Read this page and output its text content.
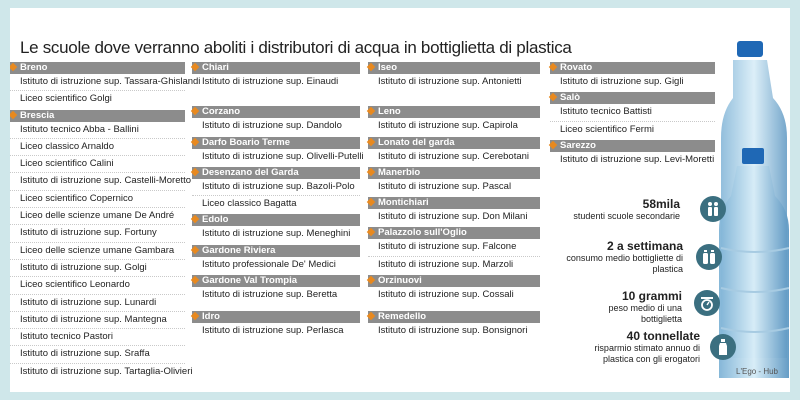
Le scuole dove verranno aboliti i distributori di acqua in bottiglietta di plastica
Breno
Istituto di istruzione sup. Tassara-Ghislandi
Liceo scientifico Golgi
Brescia
Istituto tecnico Abba - Ballini
Liceo classico Arnaldo
Liceo scientifico Calini
Istituto di istruzione sup. Castelli-Moretto
Liceo scientifico Copernico
Liceo delle scienze umane De André
Istituto di istruzione sup. Fortuny
Liceo delle scienze umane Gambara
Istituto di istruzione sup. Golgi
Liceo scientifico Leonardo
Istituto di istruzione sup. Lunardi
Istituto di istruzione sup. Mantegna
Istituto tecnico Pastori
Istituto di istruzione sup. Sraffa
Istituto di istruzione sup. Tartaglia-Olivieri
Chiari
Istituto di istruzione sup. Einaudi
Corzano
Istituto di istruzione sup. Dandolo
Darfo Boario Terme
Istituto di istruzione sup. Olivelli-Putelli
Desenzano del Garda
Istituto di istruzione sup. Bazoli-Polo
Liceo classico Bagatta
Edolo
Istituto di istruzione sup. Meneghini
Gardone Riviera
Istituto professionale De' Medici
Gardone Val Trompia
Istituto di istruzione sup. Beretta
Idro
Istituto di istruzione sup. Perlasca
Iseo
Istituto di istruzione sup. Antonietti
Leno
Istituto di istruzione sup. Capirola
Lonato del garda
Istituto di istruzione sup. Cerebotani
Manerbio
Istituto di istruzione sup. Pascal
Montichiari
Istituto di istruzione sup. Don Milani
Palazzolo sull'Oglio
Istituto di istruzione sup. Falcone
Istituto di istruzione sup. Marzoli
Orzinuovi
Istituto di istruzione sup. Cossali
Remedello
Istituto di istruzione sup. Bonsignori
Rovato
Istituto di istruzione sup. Gigli
Salò
Istituto tecnico Battisti
Liceo scientifico Fermi
Sarezzo
Istituto di istruzione sup. Levi-Moretti
58mila
studenti scuole secondarie
2 a settimana
consumo medio bottigliette di plastica
10 grammi
peso medio di una bottiglietta
40 tonnellate
risparmio stimato annuo di plastica con gli erogatori
L'Ego - Hub
